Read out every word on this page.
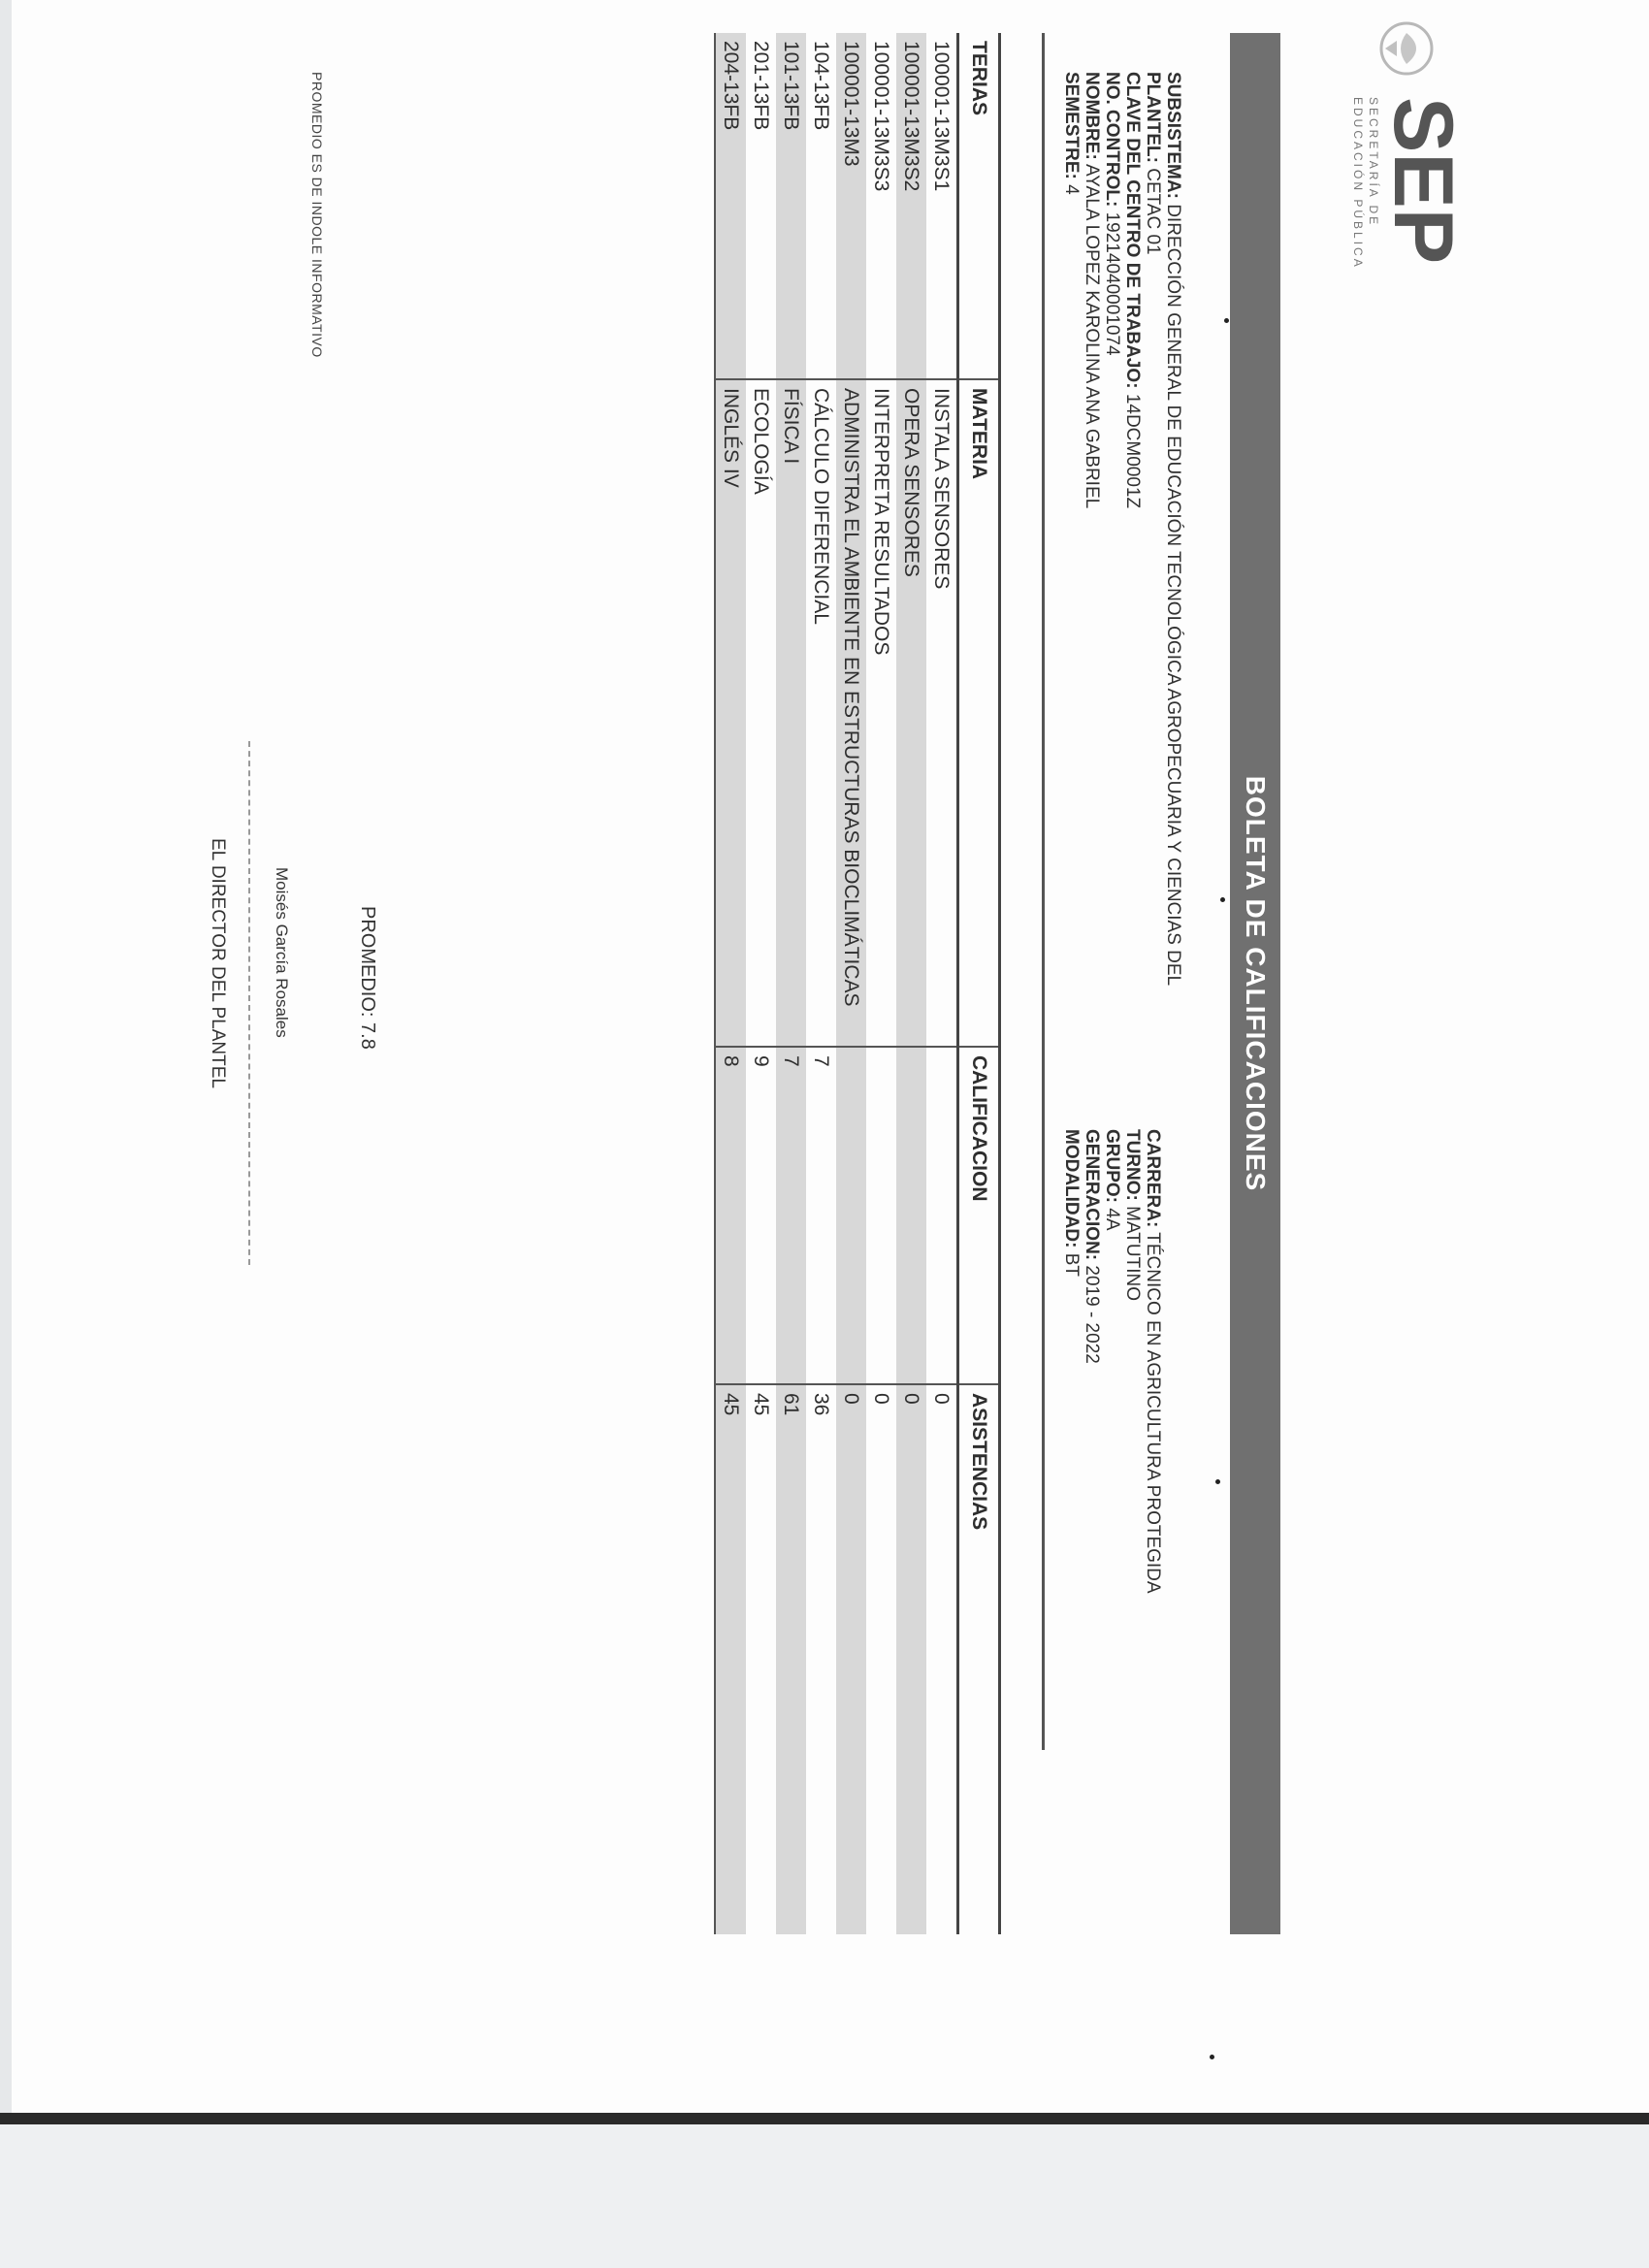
SEP
SECRETARÍA DE
EDUCACIÓN PÚBLICA
BOLETA DE CALIFICACIONES
SUBSISTEMA: DIRECCIÓN GENERAL DE EDUCACIÓN TECNOLÓGICA AGROPECUARIA Y CIENCIAS DEL
PLANTEL: CETAC 01
CLAVE DEL CENTRO DE TRABAJO: 14DCM0001Z
NO. CONTROL: 19214040001074
NOMBRE: AYALA LOPEZ KAROLINA ANA GABRIEL
SEMESTRE: 4

CARRERA: TÉCNICO EN AGRICULTURA PROTEGIDA
TURNO: MATUTINO
GRUPO: 4A
GENERACION: 2019 - 2022
MODALIDAD: BT
TERIAS	MATERIA	CALIFICACION	ASISTENCIAS
100001-13M3S1	INSTALA SENSORES		0
100001-13M3S2	OPERA SENSORES		0
100001-13M3S3	INTERPRETA RESULTADOS		0
100001-13M3	ADMINISTRA EL AMBIENTE EN ESTRUCTURAS BIOCLIMÁTICAS		0
104-13FB	CÁLCULO DIFERENCIAL	7	36
101-13FB	FÍSICA I	7	61
201-13FB	ECOLOGÍA	9	45
204-13FB	INGLÉS IV	8	45
PROMEDIO: 7.8
PROMEDIO ES DE INDOLE INFORMATIVO
Moisés García Rosales
EL DIRECTOR DEL PLANTEL
